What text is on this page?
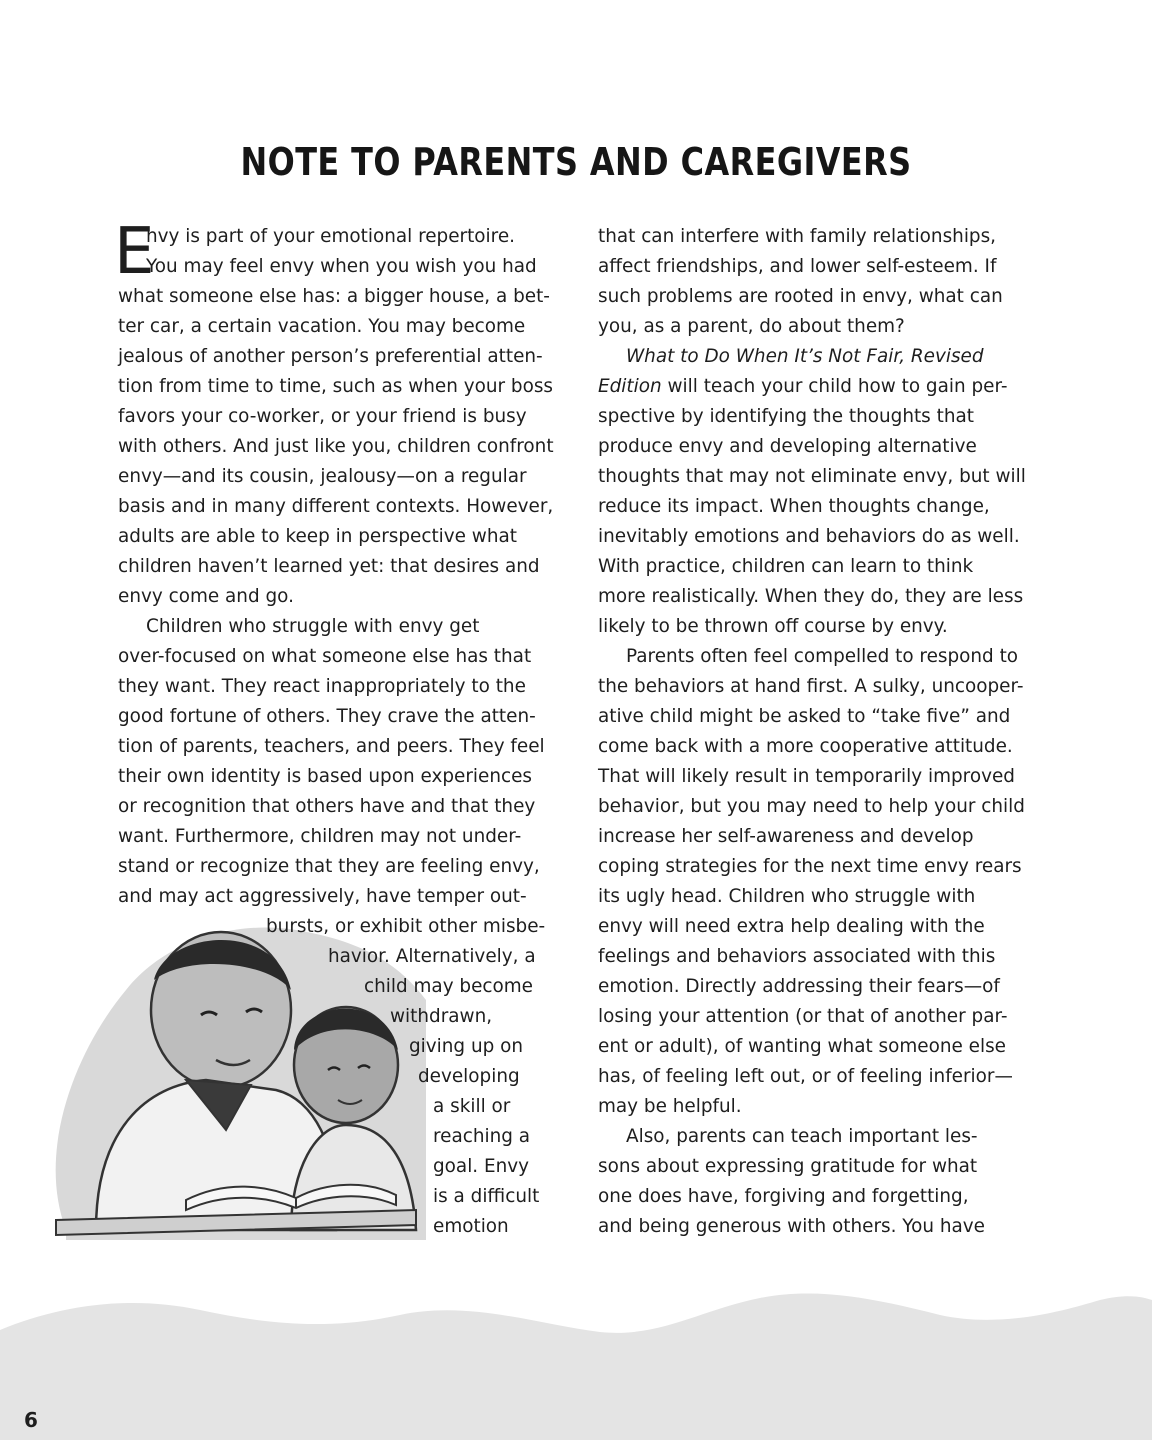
NOTE TO PARENTS AND CAREGIVERS
E
nvy is part of your emotional repertoire.
You may feel envy when you wish you had
what someone else has: a bigger house, a bet-
ter car, a certain vacation. You may become
jealous of another person’s preferential atten-
tion from time to time, such as when your boss
favors your co-worker, or your friend is busy
with others. And just like you, children confront
envy—and its cousin, jealousy—on a regular
basis and in many different contexts. However,
adults are able to keep in perspective what
children haven’t learned yet: that desires and
envy come and go.
Children who struggle with envy get
over-focused on what someone else has that
they want. They react inappropriately to the
good fortune of others. They crave the atten-
tion of parents, teachers, and peers. They feel
their own identity is based upon experiences
or recognition that others have and that they
want. Furthermore, children may not under-
stand or recognize that they are feeling envy,
and may act aggressively, have temper out-
bursts, or exhibit other misbe-
havior. Alternatively, a
child may become
withdrawn,
giving up on
developing
a skill or
reaching a
goal. Envy
is a difficult
emotion
that can interfere with family relationships,
affect friendships, and lower self-esteem. If
such problems are rooted in envy, what can
you, as a parent, do about them?
What to Do When It’s Not Fair, Revised
Edition will teach your child how to gain per-
spective by identifying the thoughts that
produce envy and developing alternative
thoughts that may not eliminate envy, but will
reduce its impact. When thoughts change,
inevitably emotions and behaviors do as well.
With practice, children can learn to think
more realistically. When they do, they are less
likely to be thrown off course by envy.
Parents often feel compelled to respond to
the behaviors at hand first. A sulky, uncooper-
ative child might be asked to “take five” and
come back with a more cooperative attitude.
That will likely result in temporarily improved
behavior, but you may need to help your child
increase her self-awareness and develop
coping strategies for the next time envy rears
its ugly head. Children who struggle with
envy will need extra help dealing with the
feelings and behaviors associated with this
emotion. Directly addressing their fears—of
losing your attention (or that of another par-
ent or adult), of wanting what someone else
has, of feeling left out, or of feeling inferior—
may be helpful.
Also, parents can teach important les-
sons about expressing gratitude for what
one does have, forgiving and forgetting,
and being generous with others. You have
6
